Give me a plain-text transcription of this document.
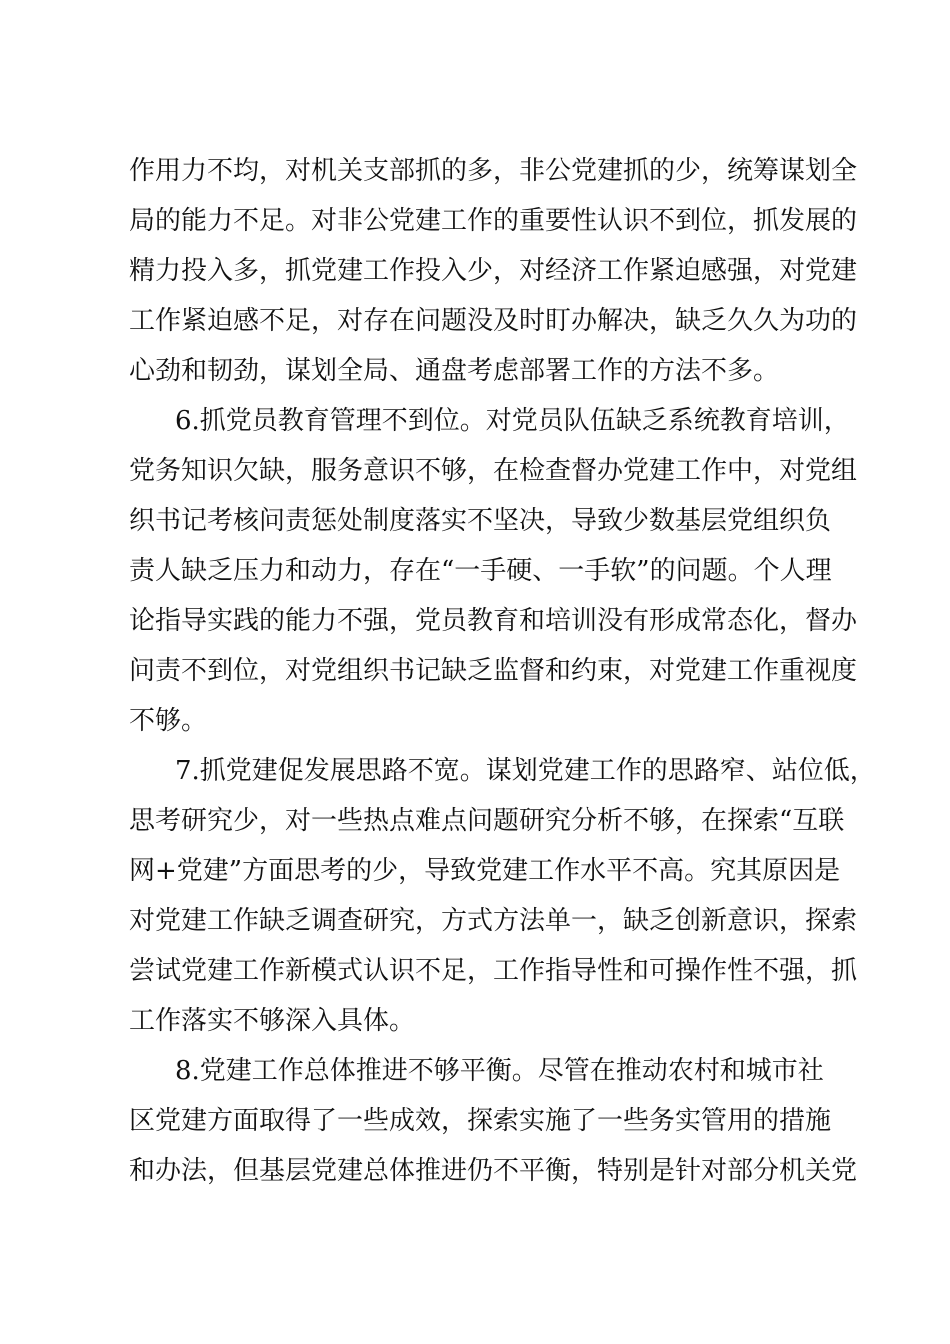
作用力不均，对机关支部抓的多，非公党建抓的少，统筹谋划全
局的能力不足。对非公党建工作的重要性认识不到位，抓发展的
精力投入多，抓党建工作投入少，对经济工作紧迫感强，对党建
工作紧迫感不足，对存在问题没及时盯办解决，缺乏久久为功的
心劲和韧劲，谋划全局、通盘考虑部署工作的方法不多。
6.抓党员教育管理不到位。对党员队伍缺乏系统教育培训，
党务知识欠缺，服务意识不够，在检查督办党建工作中，对党组
织书记考核问责惩处制度落实不坚决，导致少数基层党组织负
责人缺乏压力和动力，存在“一手硬、一手软”的问题。个人理
论指导实践的能力不强，党员教育和培训没有形成常态化，督办
问责不到位，对党组织书记缺乏监督和约束，对党建工作重视度
不够。
7.抓党建促发展思路不宽。谋划党建工作的思路窄、站位低，
思考研究少，对一些热点难点问题研究分析不够，在探索“互联
网+党建”方面思考的少，导致党建工作水平不高。究其原因是
对党建工作缺乏调查研究，方式方法单一，缺乏创新意识，探索
尝试党建工作新模式认识不足，工作指导性和可操作性不强，抓
工作落实不够深入具体。
8.党建工作总体推进不够平衡。尽管在推动农村和城市社
区党建方面取得了一些成效，探索实施了一些务实管用的措施
和办法，但基层党建总体推进仍不平衡，特别是针对部分机关党
